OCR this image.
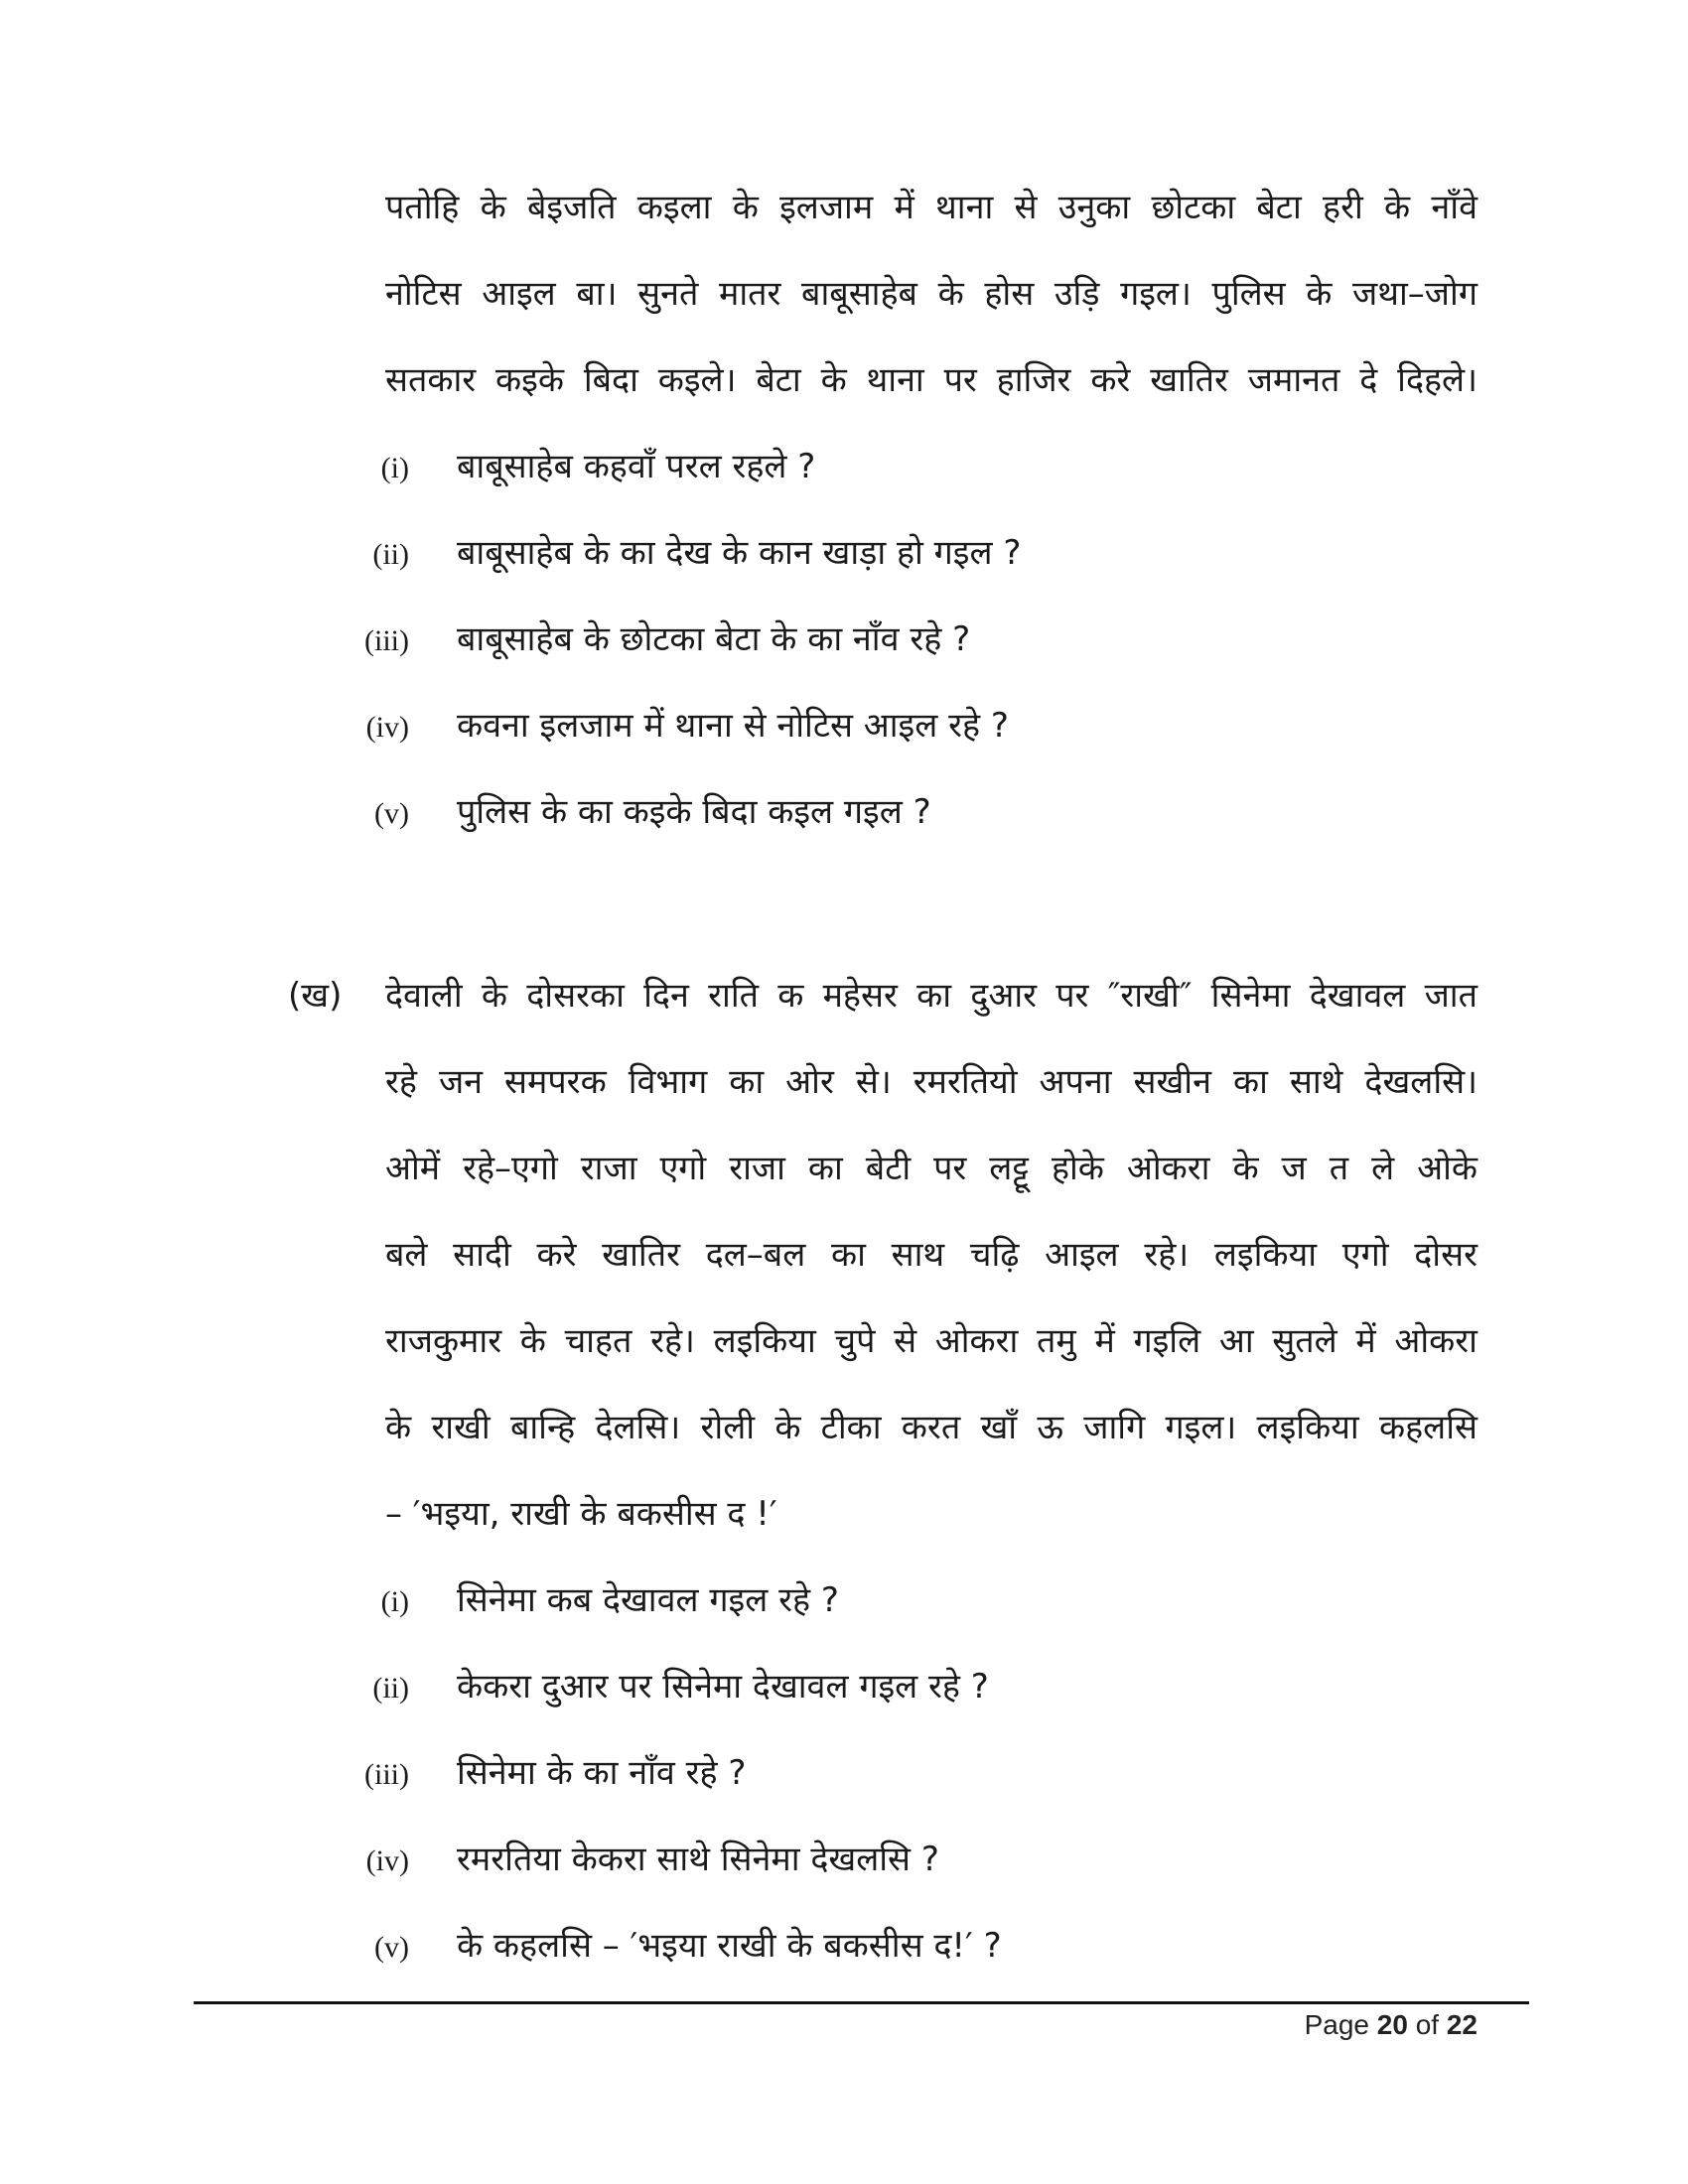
पतोहि के बेइजति कइला के इलजाम में थाना से उनुका छोटका बेटा हरी के नाँवे
नोटिस आइल बा। सुनते मातर बाबूसाहेब के होस उड़ि गइल। पुलिस के जथा–जोग
सतकार कइके बिदा कइले। बेटा के थाना पर हाजिर करे खातिर जमानत दे दिहले।
(i) बाबूसाहेब कहवाँ परल रहले ?
(ii) बाबूसाहेब के का देख के कान खाड़ा हो गइल ?
(iii) बाबूसाहेब के छोटका बेटा के का नाँव रहे ?
(iv) कवना इलजाम में थाना से नोटिस आइल रहे ?
(v) पुलिस के का कइके बिदा कइल गइल ?
(ख) देवाली के दोसरका दिन राति क महेसर का दुआर पर ″राखी″ सिनेमा देखावल जात
रहे जन समपरक विभाग का ओर से। रमरतियो अपना सखीन का साथे देखलसि।
ओमें रहे–एगो राजा एगो राजा का बेटी पर लट्टू होके ओकरा के ज त ले ओके
बले सादी करे खातिर दल–बल का साथ चढ़ि आइल रहे। लइकिया एगो दोसर
राजकुमार के चाहत रहे। लइकिया चुपे से ओकरा तमु में गइलि आ सुतले में ओकरा
के राखी बान्हि देलसि। रोली के टीका करत खाँ ऊ जागि गइल। लइकिया कहलसि
– ′भइया, राखी के बकसीस द !′
(i) सिनेमा कब देखावल गइल रहे ?
(ii) केकरा दुआर पर सिनेमा देखावल गइल रहे ?
(iii) सिनेमा के का नाँव रहे ?
(iv) रमरतिया केकरा साथे सिनेमा देखलसि ?
(v) के कहलसि – ′भइया राखी के बकसीस द!′ ?
Page 20 of 22
